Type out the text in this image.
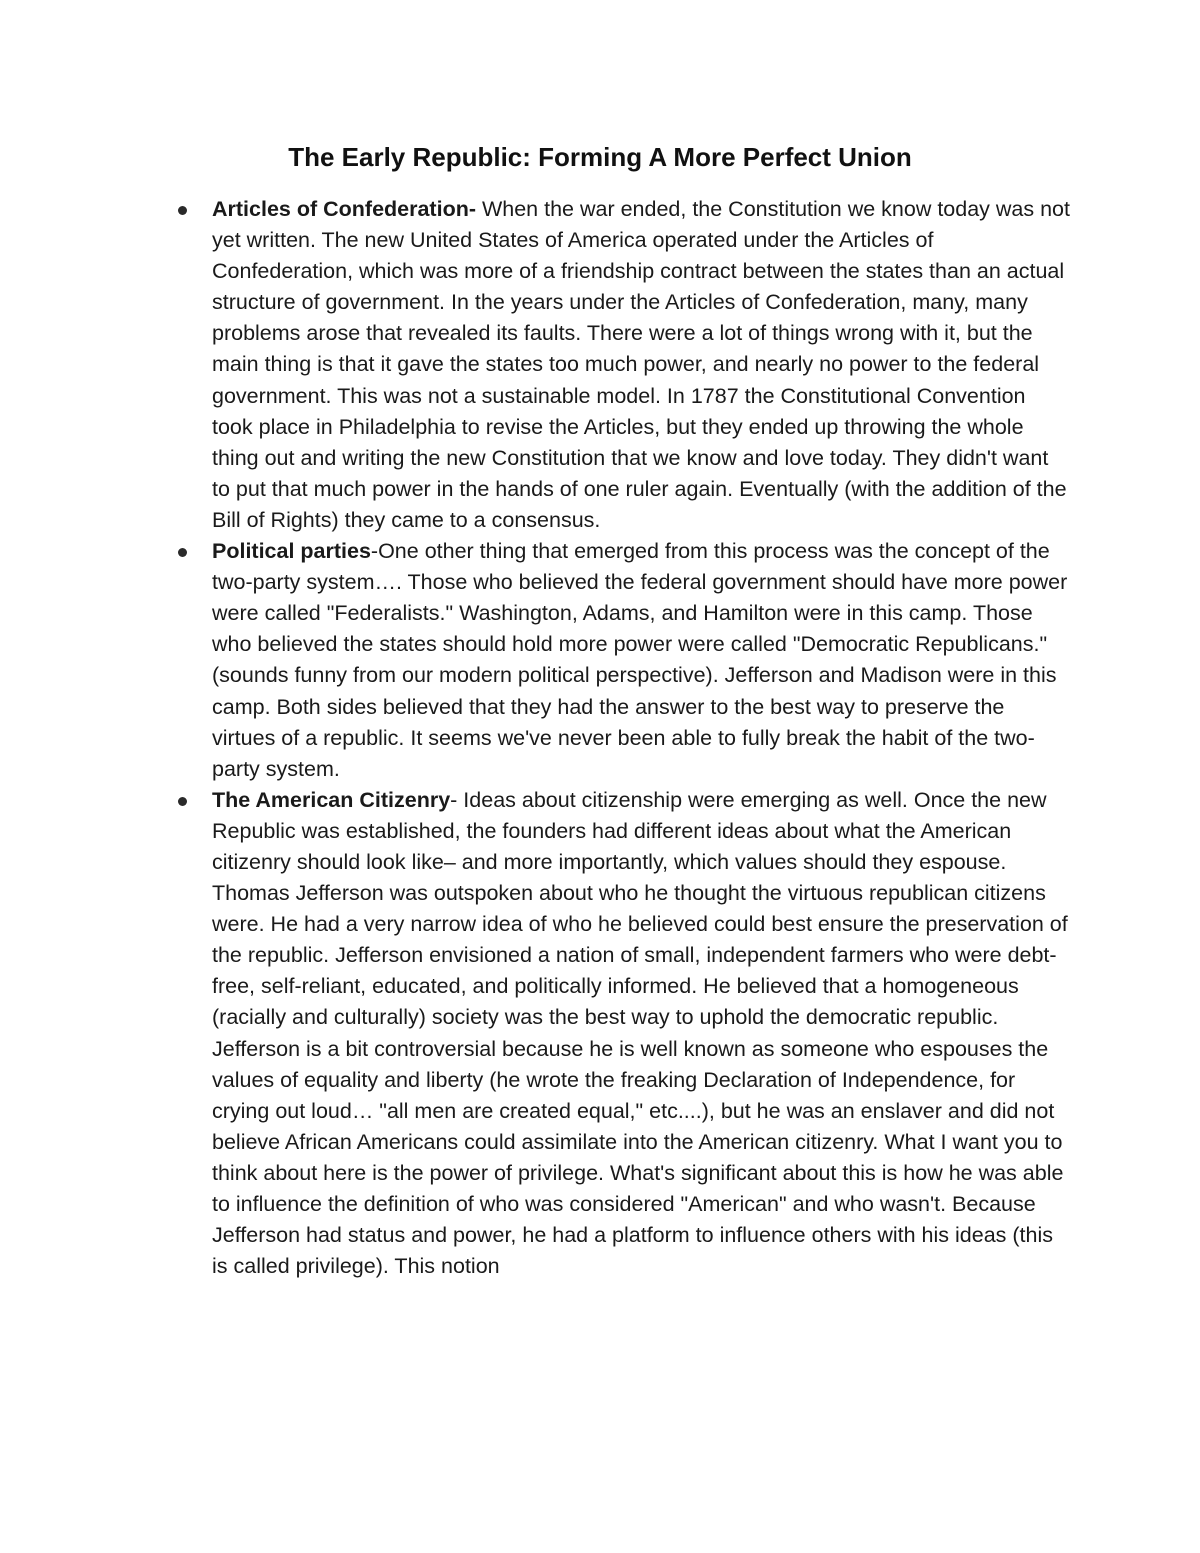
The Early Republic: Forming A More Perfect Union
Articles of Confederation- When the war ended, the Constitution we know today was not yet written. The new United States of America operated under the Articles of Confederation, which was more of a friendship contract between the states than an actual structure of government. In the years under the Articles of Confederation, many, many problems arose that revealed its faults. There were a lot of things wrong with it, but the main thing is that it gave the states too much power, and nearly no power to the federal government. This was not a sustainable model. In 1787 the Constitutional Convention took place in Philadelphia to revise the Articles, but they ended up throwing the whole thing out and writing the new Constitution that we know and love today. They didn't want to put that much power in the hands of one ruler again. Eventually (with the addition of the Bill of Rights) they came to a consensus.
Political parties-One other thing that emerged from this process was the concept of the two-party system…. Those who believed the federal government should have more power were called "Federalists." Washington, Adams, and Hamilton were in this camp. Those who believed the states should hold more power were called "Democratic Republicans." (sounds funny from our modern political perspective). Jefferson and Madison were in this camp. Both sides believed that they had the answer to the best way to preserve the virtues of a republic. It seems we've never been able to fully break the habit of the two-party system.
The American Citizenry- Ideas about citizenship were emerging as well. Once the new Republic was established, the founders had different ideas about what the American citizenry should look like– and more importantly, which values should they espouse. Thomas Jefferson was outspoken about who he thought the virtuous republican citizens were. He had a very narrow idea of who he believed could best ensure the preservation of the republic. Jefferson envisioned a nation of small, independent farmers who were debt-free, self-reliant, educated, and politically informed. He believed that a homogeneous (racially and culturally) society was the best way to uphold the democratic republic. Jefferson is a bit controversial because he is well known as someone who espouses the values of equality and liberty (he wrote the freaking Declaration of Independence, for crying out loud… "all men are created equal," etc....), but he was an enslaver and did not believe African Americans could assimilate into the American citizenry. What I want you to think about here is the power of privilege. What's significant about this is how he was able to influence the definition of who was considered "American" and who wasn't. Because Jefferson had status and power, he had a platform to influence others with his ideas (this is called privilege). This notion
